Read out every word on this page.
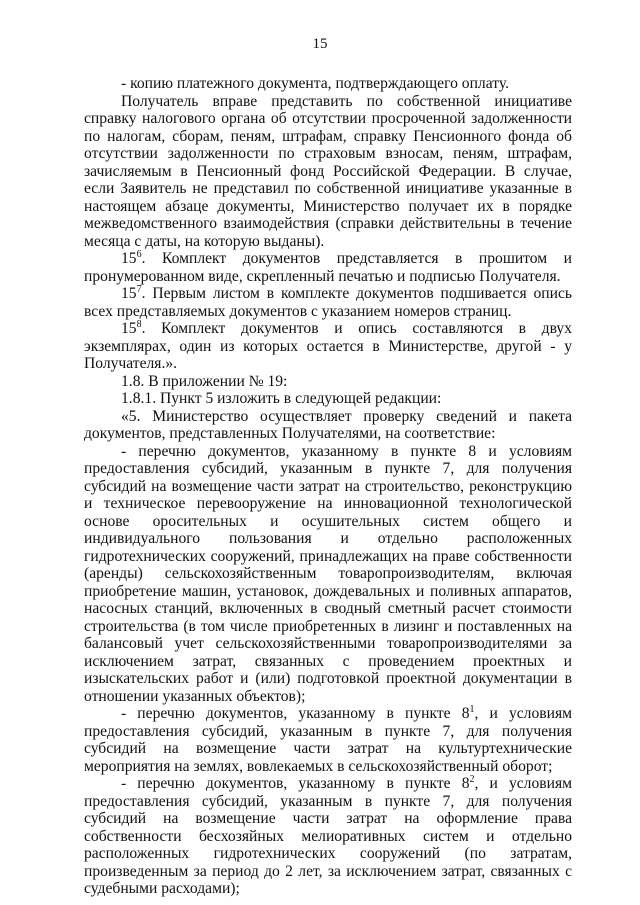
15

- копию платежного документа, подтверждающего оплату.

Получатель вправе представить по собственной инициативе справку налогового органа об отсутствии просроченной задолженности по налогам, сборам, пеням, штрафам, справку Пенсионного фонда об отсутствии задолженности по страховым взносам, пеням, штрафам, зачисляемым в Пенсионный фонд Российской Федерации. В случае, если Заявитель не представил по собственной инициативе указанные в настоящем абзаце документы, Министерство получает их в порядке межведомственного взаимодействия (справки действительны в течение месяца с даты, на которую выданы).

$15^6$. Комплект документов представляется в прошитом и пронумерованном виде, скрепленный печатью и подписью Получателя.

$15^7$. Первым листом в комплекте документов подшивается опись всех представляемых документов с указанием номеров страниц.

$15^8$. Комплект документов и опись составляются в двух экземплярах, один из которых остается в Министерстве, другой - у Получателя.».

1.8. В приложении № 19:

1.8.1. Пункт 5 изложить в следующей редакции:

«5. Министерство осуществляет проверку сведений и пакета документов, представленных Получателями, на соответствие:

- перечню документов, указанному в пункте 8 и условиям предоставления субсидий, указанным в пункте 7, для получения субсидий на возмещение части затрат на строительство, реконструкцию и техническое перевооружение на инновационной технологической основе оросительных и осушительных систем общего и индивидуального пользования и отдельно расположенных гидротехнических сооружений, принадлежащих на праве собственности (аренды) сельскохозяйственным товаропроизводителям, включая приобретение машин, установок, дождевальных и поливных аппаратов, насосных станций, включенных в сводный сметный расчет стоимости строительства (в том числе приобретенных в лизинг и поставленных на балансовый учет сельскохозяйственными товаропроизводителями за исключением затрат, связанных с проведением проектных и изыскательских работ и (или) подготовкой проектной документации в отношении указанных объектов);

- перечню документов, указанному в пункте $8^1$, и условиям предоставления субсидий, указанным в пункте 7, для получения субсидий на возмещение части затрат на культуртехнические мероприятия на землях, вовлекаемых в сельскохозяйственный оборот;

- перечню документов, указанному в пункте $8^2$, и условиям предоставления субсидий, указанным в пункте 7, для получения субсидий на возмещение части затрат на оформление права собственности бесхозяйных мелиоративных систем и отдельно расположенных гидротехнических сооружений (по затратам, произведенным за период до 2 лет, за исключением затрат, связанных с судебными расходами);
